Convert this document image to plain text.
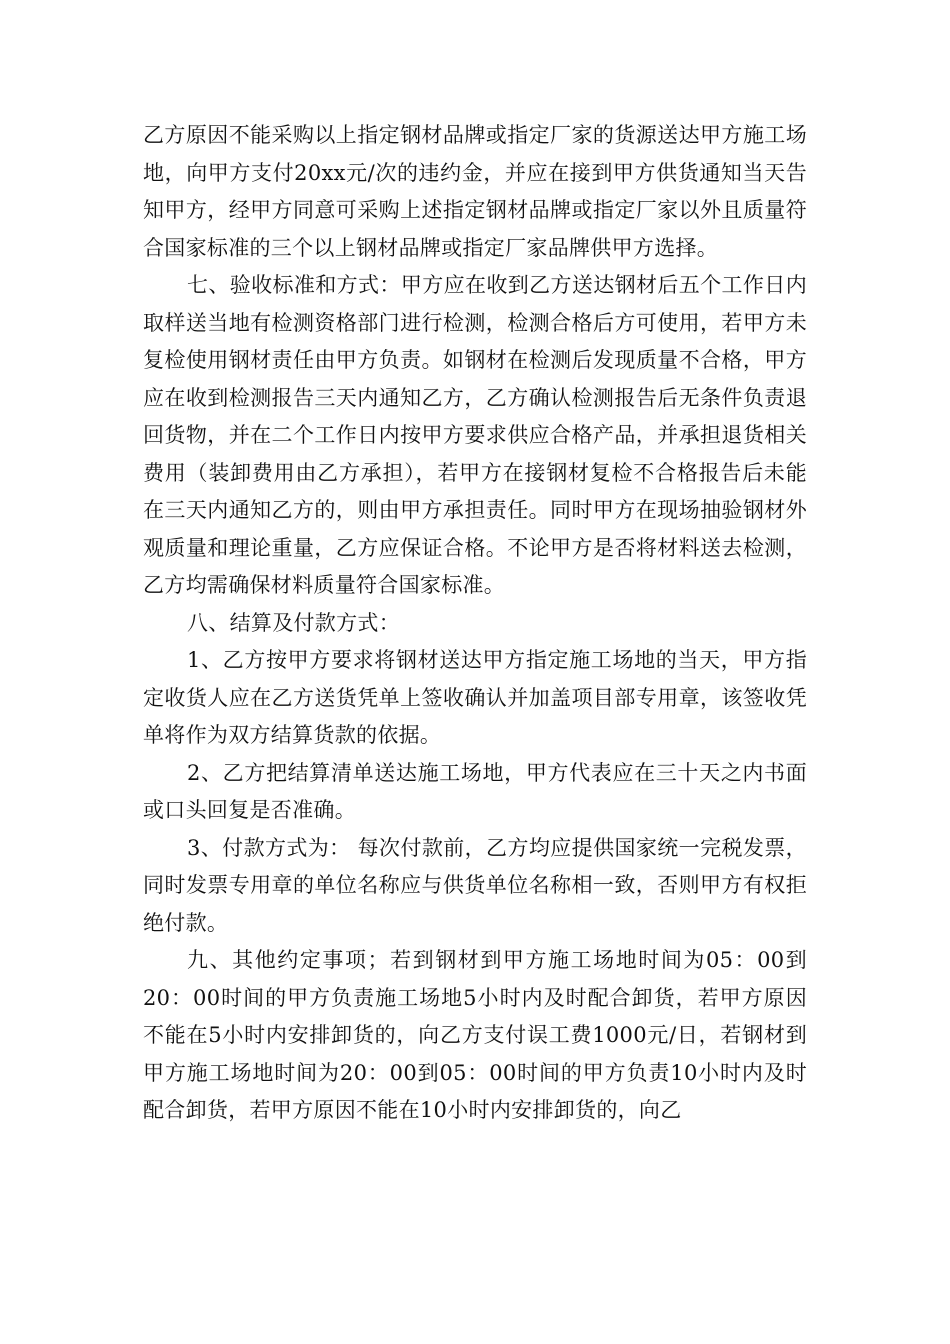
乙方原因不能采购以上指定钢材品牌或指定厂家的货源送达甲方施工场地，向甲方支付20xx元/次的违约金，并应在接到甲方供货通知当天告知甲方，经甲方同意可采购上述指定钢材品牌或指定厂家以外且质量符合国家标准的三个以上钢材品牌或指定厂家品牌供甲方选择。

七、验收标准和方式：甲方应在收到乙方送达钢材后五个工作日内取样送当地有检测资格部门进行检测，检测合格后方可使用，若甲方未复检使用钢材责任由甲方负责。如钢材在检测后发现质量不合格，甲方应在收到检测报告三天内通知乙方，乙方确认检测报告后无条件负责退回货物，并在二个工作日内按甲方要求供应合格产品，并承担退货相关费用（装卸费用由乙方承担），若甲方在接钢材复检不合格报告后未能在三天内通知乙方的，则由甲方承担责任。同时甲方在现场抽验钢材外观质量和理论重量，乙方应保证合格。不论甲方是否将材料送去检测，乙方均需确保材料质量符合国家标准。

八、结算及付款方式：

1、乙方按甲方要求将钢材送达甲方指定施工场地的当天，甲方指定收货人应在乙方送货凭单上签收确认并加盖项目部专用章，该签收凭单将作为双方结算货款的依据。

2、乙方把结算清单送达施工场地，甲方代表应在三十天之内书面或口头回复是否准确。

3、付款方式为： 每次付款前，乙方均应提供国家统一完税发票，同时发票专用章的单位名称应与供货单位名称相一致，否则甲方有权拒绝付款。

九、其他约定事项；若到钢材到甲方施工场地时间为05：00到20：00时间的甲方负责施工场地5小时内及时配合卸货，若甲方原因不能在5小时内安排卸货的，向乙方支付误工费1000元/日，若钢材到甲方施工场地时间为20：00到05：00时间的甲方负责10小时内及时配合卸货，若甲方原因不能在10小时内安排卸货的，向乙
